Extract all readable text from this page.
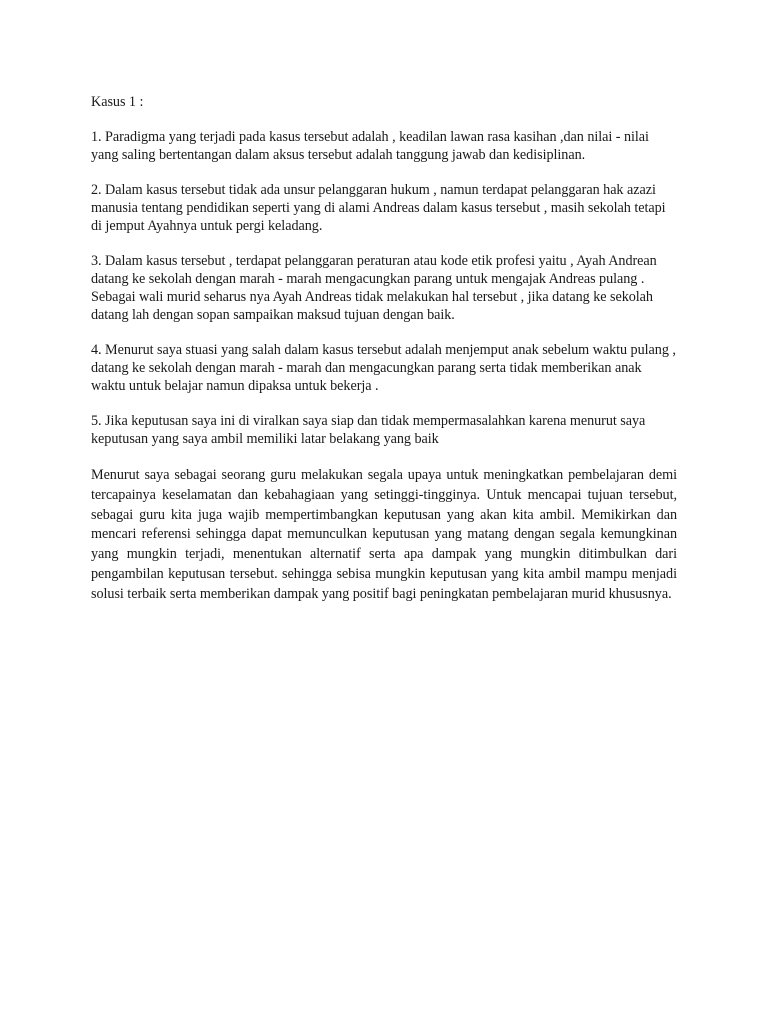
Kasus 1 :

1. Paradigma yang terjadi pada kasus tersebut adalah , keadilan lawan rasa kasihan ,dan nilai - nilai yang saling bertentangan dalam aksus tersebut adalah tanggung jawab dan kedisiplinan.

2. Dalam kasus tersebut tidak ada unsur pelanggaran hukum , namun terdapat pelanggaran hak azazi manusia tentang pendidikan seperti yang di alami Andreas dalam kasus tersebut , masih sekolah tetapi di jemput Ayahnya untuk pergi keladang.

3. Dalam kasus tersebut , terdapat pelanggaran peraturan atau kode etik profesi yaitu , Ayah Andrean datang ke sekolah dengan marah - marah mengacungkan parang untuk mengajak Andreas pulang . Sebagai wali murid seharus nya Ayah Andreas tidak melakukan hal tersebut , jika datang ke sekolah datang lah dengan sopan sampaikan maksud tujuan dengan baik.

4. Menurut saya stuasi yang salah dalam kasus tersebut adalah menjemput anak sebelum waktu pulang , datang ke sekolah dengan marah - marah dan mengacungkan parang serta tidak memberikan anak waktu untuk belajar namun dipaksa untuk bekerja .

5. Jika keputusan saya ini di viralkan saya siap dan tidak mempermasalahkan karena menurut saya keputusan yang saya ambil memiliki latar belakang yang baik

Menurut saya sebagai seorang guru melakukan segala upaya untuk meningkatkan pembelajaran demi tercapainya keselamatan dan kebahagiaan yang setinggi-tingginya. Untuk mencapai tujuan tersebut, sebagai guru kita juga wajib mempertimbangkan keputusan yang akan kita ambil. Memikirkan dan mencari referensi sehingga dapat memunculkan keputusan yang matang dengan segala kemungkinan yang mungkin terjadi, menentukan alternatif serta apa dampak yang mungkin ditimbulkan dari pengambilan keputusan tersebut. sehingga sebisa mungkin keputusan yang kita ambil mampu menjadi solusi terbaik serta memberikan dampak yang positif bagi peningkatan pembelajaran murid khususnya.
